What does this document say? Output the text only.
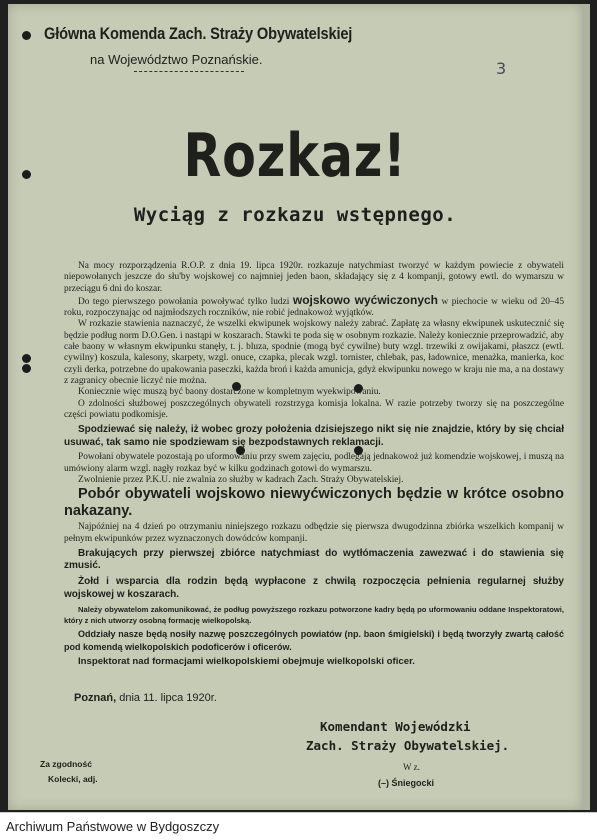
Główna Komenda Zach. Straży Obywatelskiej
na Województwo Poznańskie.	3
Rozkaz!
Wyciąg z rozkazu wstępnego.

Na mocy rozporządzenia R.O.P. z dnia 19. lipca 1920r. rozkazuje natychmiast tworzyć w każdym powiecie z obywateli niepowołanych jeszcze do słu'by wojskowej co najmniej jeden baon, składający się z 4 kompanji, gotowy ewtl. do wymarszu w przeciągu 6 dni do koszar.

Do tego pierwszego powołania powoływać tylko ludzi wojskowo wyćwiczonych w piechocie w wieku od 20–45 roku, rozpoczynając od najmłodszych roczników, nie robić jednakowoż wyjątków.

W rozkazie stawienia naznaczyć, że wszelki ekwipunek wojskowy należy zabrać. Zapłatę za własny ekwipunek uskutecznić się będzie podług norm D.O.Gen. i nastąpi w koszarach. Stawki te poda się w osobnym rozkazie. Należy koniecznie przeprowadzić, aby całe baony w własnym ekwipunku stanęły, t. j. bluza, spodnie (mogą być cywilne) buty wzgl. trzewiki z owijakami, płaszcz (ewtl. cywilny) koszula, kalesony, skarpety, wzgl. onuce, czapka, plecak wzgl. tornister, chlebak, pas, ładownice, menażka, manierka, koc czyli derka, potrzebne do upakowania paseczki, każda broń i każda amunicja, gdyż ekwipunku nowego w kraju nie ma, a na dostawy z zagranicy obecnie liczyć nie można.

Koniecznie więc muszą być baony dostarczone w kompletnym wyekwipowaniu.

O zdolności służbowej poszczególnych obywateli rozstrzyga komisja lokalna. W razie potrzeby tworzy się na poszczególne części powiatu podkomisje.

Spodziewać się należy, iż wobec grozy położenia dzisiejszego nikt się nie znajdzie, który by się chciał usuwać, tak samo nie spodziewam się bezpodstawnych reklamacji.

Powołani obywatele pozostają po uformowaniu przy swem zajęciu, podlegają jednakowoż już komendzie wojskowej, i muszą na umówiony alarm wzgl. nagły rozkaz być w kilku godzinach gotowi do wymarszu.

Zwolnienie przez P.K.U. nie zwalnia zo służby w kadrach Zach. Straży Obywatelskiej.

Pobór obywateli wojskowo niewyćwiczonych będzie w krótce osobno nakazany.

Najpóźniej na 4 dzień po otrzymaniu niniejszego rozkazu odbędzie się pierwsza dwugodzinna zbiórka wszelkich kompanij w pełnym ekwipunków przez wyznaczonych dowódców kompanji.

Brakujących przy pierwszej zbiórce natychmiast do wytłómaczenia zawezwać i do stawienia się zmusić.

Żołd i wsparcia dla rodzin będą wypłacone z chwilą rozpoczęcia pełnienia regularnej służby wojskowej w koszarach.

Należy obywatelom zakomunikować, że podług powyższego rozkazu potworzone kadry będą po uformowaniu oddane Inspektoratowi, który z nich utworzy osobną formację wielkopolską.

Oddziały nasze będą nosiły nazwę poszczególnych powiatów (np. baon śmigielski) i będą tworzyły zwartą całość pod komendą wielkopolskich podoficerów i oficerów.

Inspektorat nad formacjami wielkopolskiemi obejmuje wielkopolski oficer.

Poznań, dnia 11. lipca 1920r.
Komendant Wojewódzki
Zach. Straży Obywatelskiej.
W z.
(–) Śniegocki
Za zgodność
Kolecki, adj.
Archiwum Państwowe w Bydgoszczy
